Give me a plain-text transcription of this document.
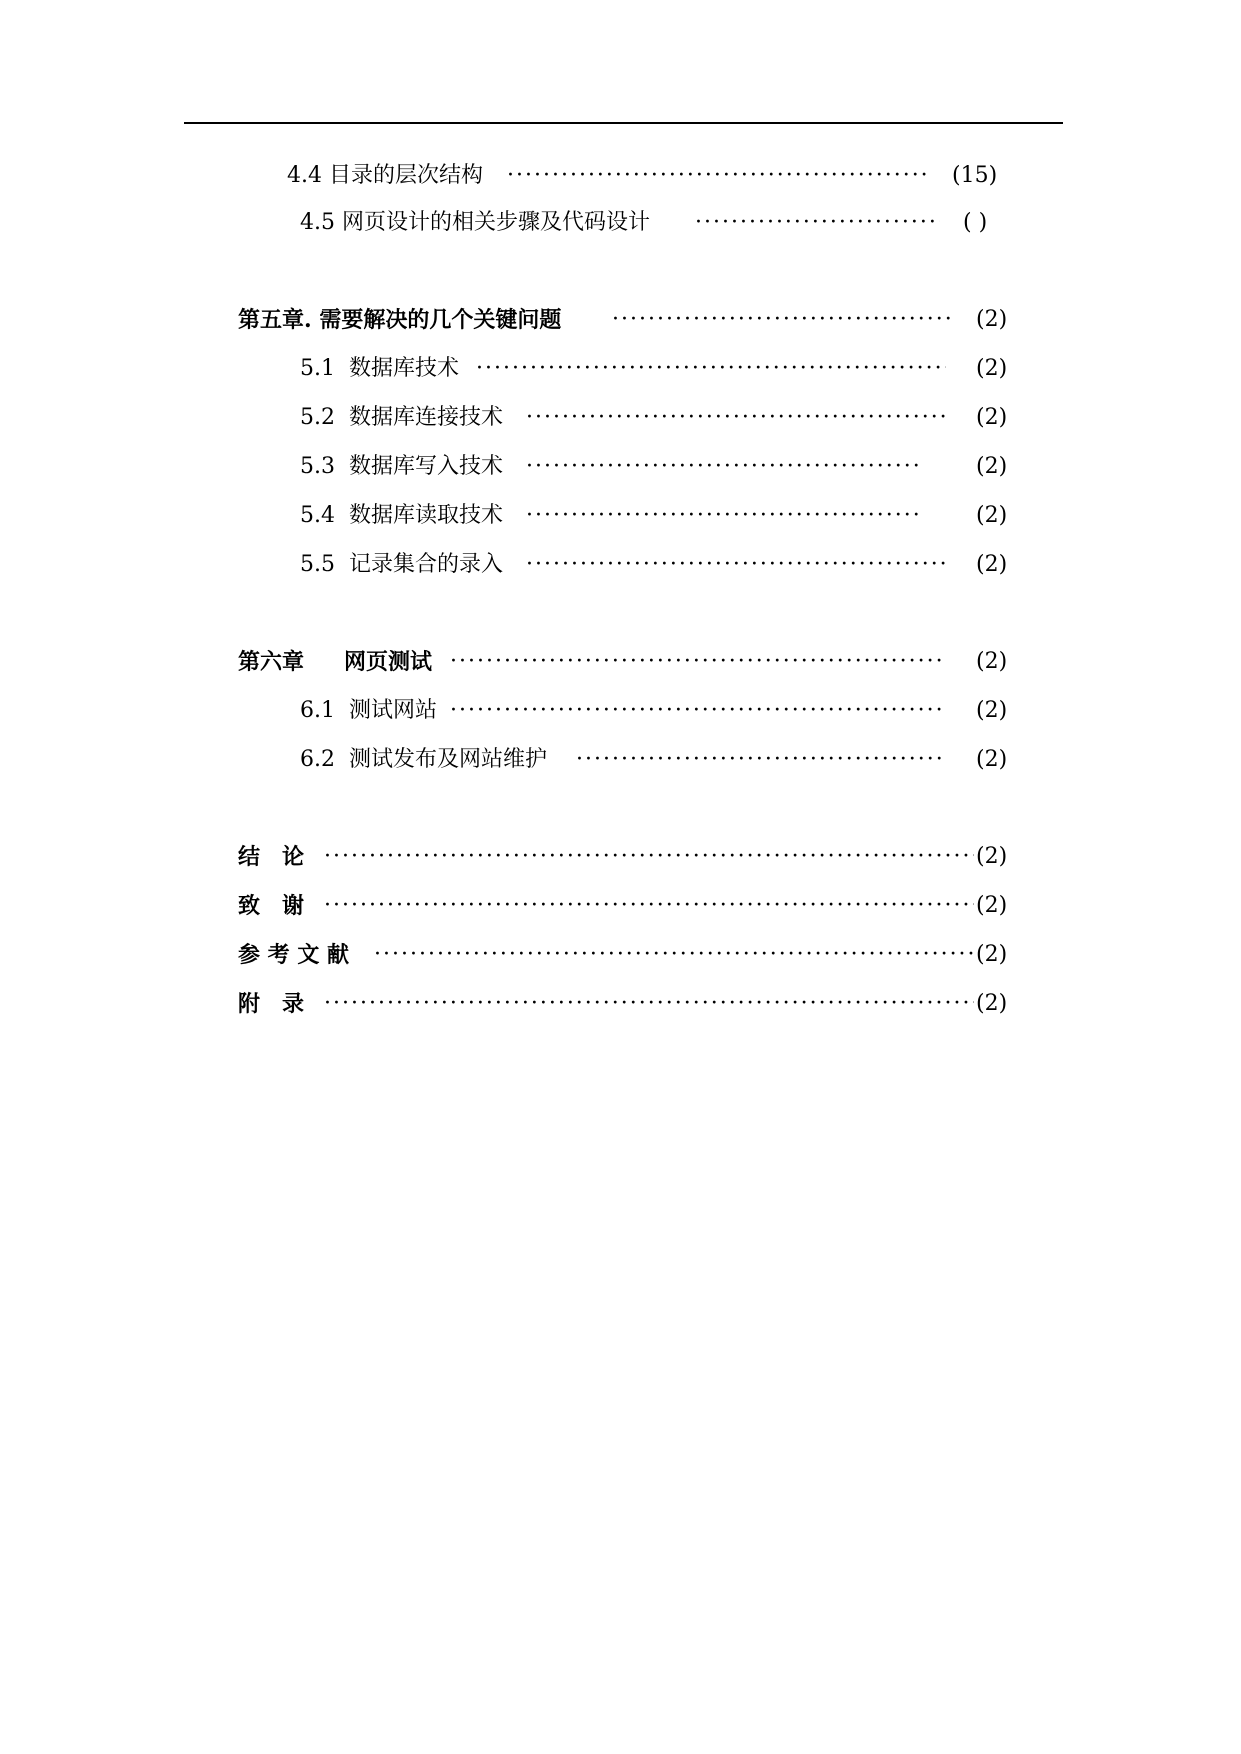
4.4 目录的层次结构 ·····	(15)
4.5 网页设计的相关步骤及代码设计 ·····	( )
第五章. 需要解决的几个关键问题 ·····	(2)
5.1 数据库技术 ·····	(2)
5.2 数据库连接技术 ·····	(2)
5.3 数据库写入技术 ·····	(2)
5.4 数据库读取技术 ·····	(2)
5.5 记录集合的录入 ·····	(2)
第六章 网页测试 ·····	(2)
6.1 测试网站 ·····	(2)
6.2 测试发布及网站维护 ·····	(2)
结　论 ·····	(2)
致　谢 ·····	(2)
参 考 文 献 ·····	(2)
附　录 ·····	(2)
